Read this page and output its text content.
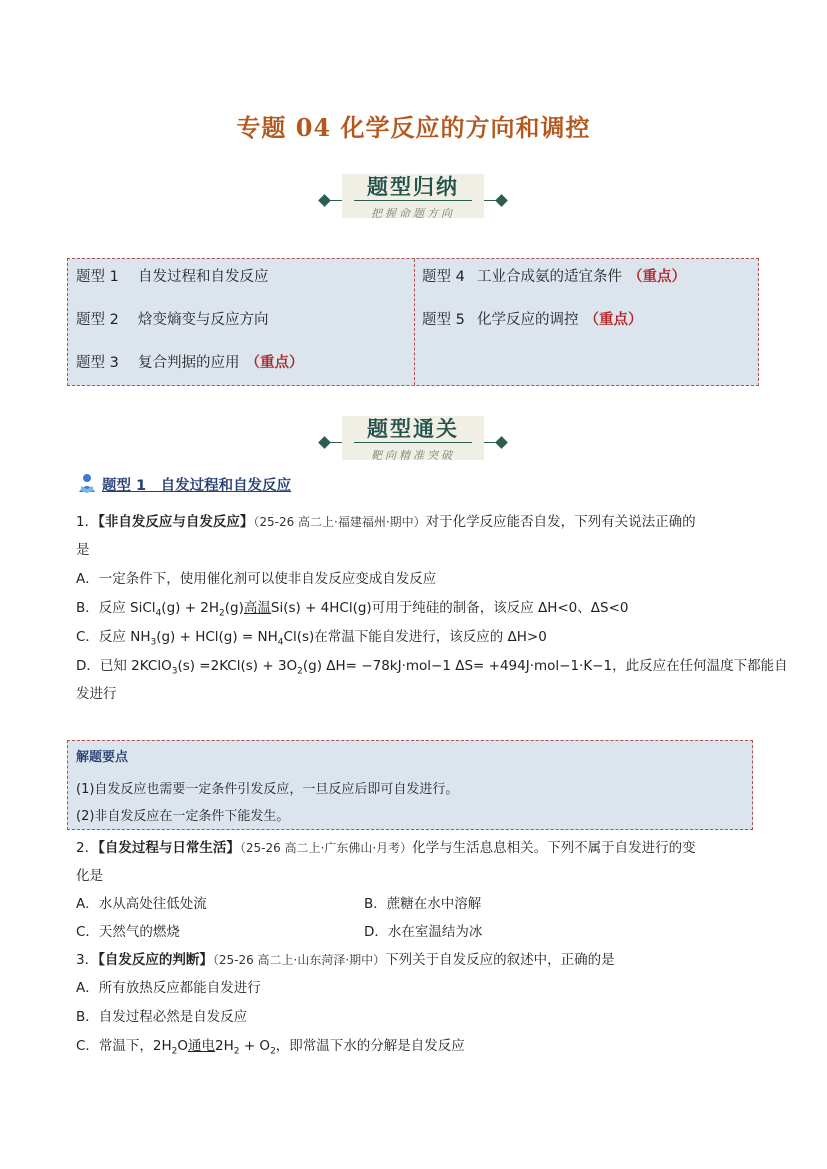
专题 04 化学反应的方向和调控
题型归纳
把握命题方向
题型 1 自发过程和自发反应
题型 2 焓变熵变与反应方向
题型 3 复合判据的应用 （重点）
题型 4 工业合成氨的适宜条件 （重点）
题型 5 化学反应的调控 （重点）
题型通关
靶向精准突破
题型 1　自发过程和自发反应
1．【非自发反应与自发反应】（25-26 高二上·福建福州·期中）对于化学反应能否自发，下列有关说法正确的
是
A．一定条件下，使用催化剂可以使非自发反应变成自发反应
B．反应 SiCl$_4$(g) + $2H_2(g)$高温Si(s) + 4HCl(g)可用于纯硅的制备，该反应 ΔH<0、ΔS<0
C．反应 $NH_3(g) + HCl(g) = NH_4Cl(s)$在常温下能自发进行，该反应的 ΔH>0
D．已知 2KClO$_3$(s) $=2KCl(s) + 3O_2(g)$ ΔH= −78kJ·mol−1 ΔS= +494J·mol−1·K−1，此反应在任何温度下都能自
发进行
解题要点
(1)自发反应也需要一定条件引发反应，一旦反应后即可自发进行。
(2)非自发反应在一定条件下能发生。
2．【自发过程与日常生活】（25-26 高二上·广东佛山·月考）化学与生活息息相关。下列不属于自发进行的变
化是
A．水从高处往低处流	B．蔗糖在水中溶解
C．天然气的燃烧	D．水在室温结为冰
3．【自发反应的判断】（25-26 高二上·山东菏泽·期中）下列关于自发反应的叙述中，正确的是
A．所有放热反应都能自发进行
B．自发过程必然是自发反应
C．常温下，$2H_2O$通电$2H_2 + O_2$，即常温下水的分解是自发反应
